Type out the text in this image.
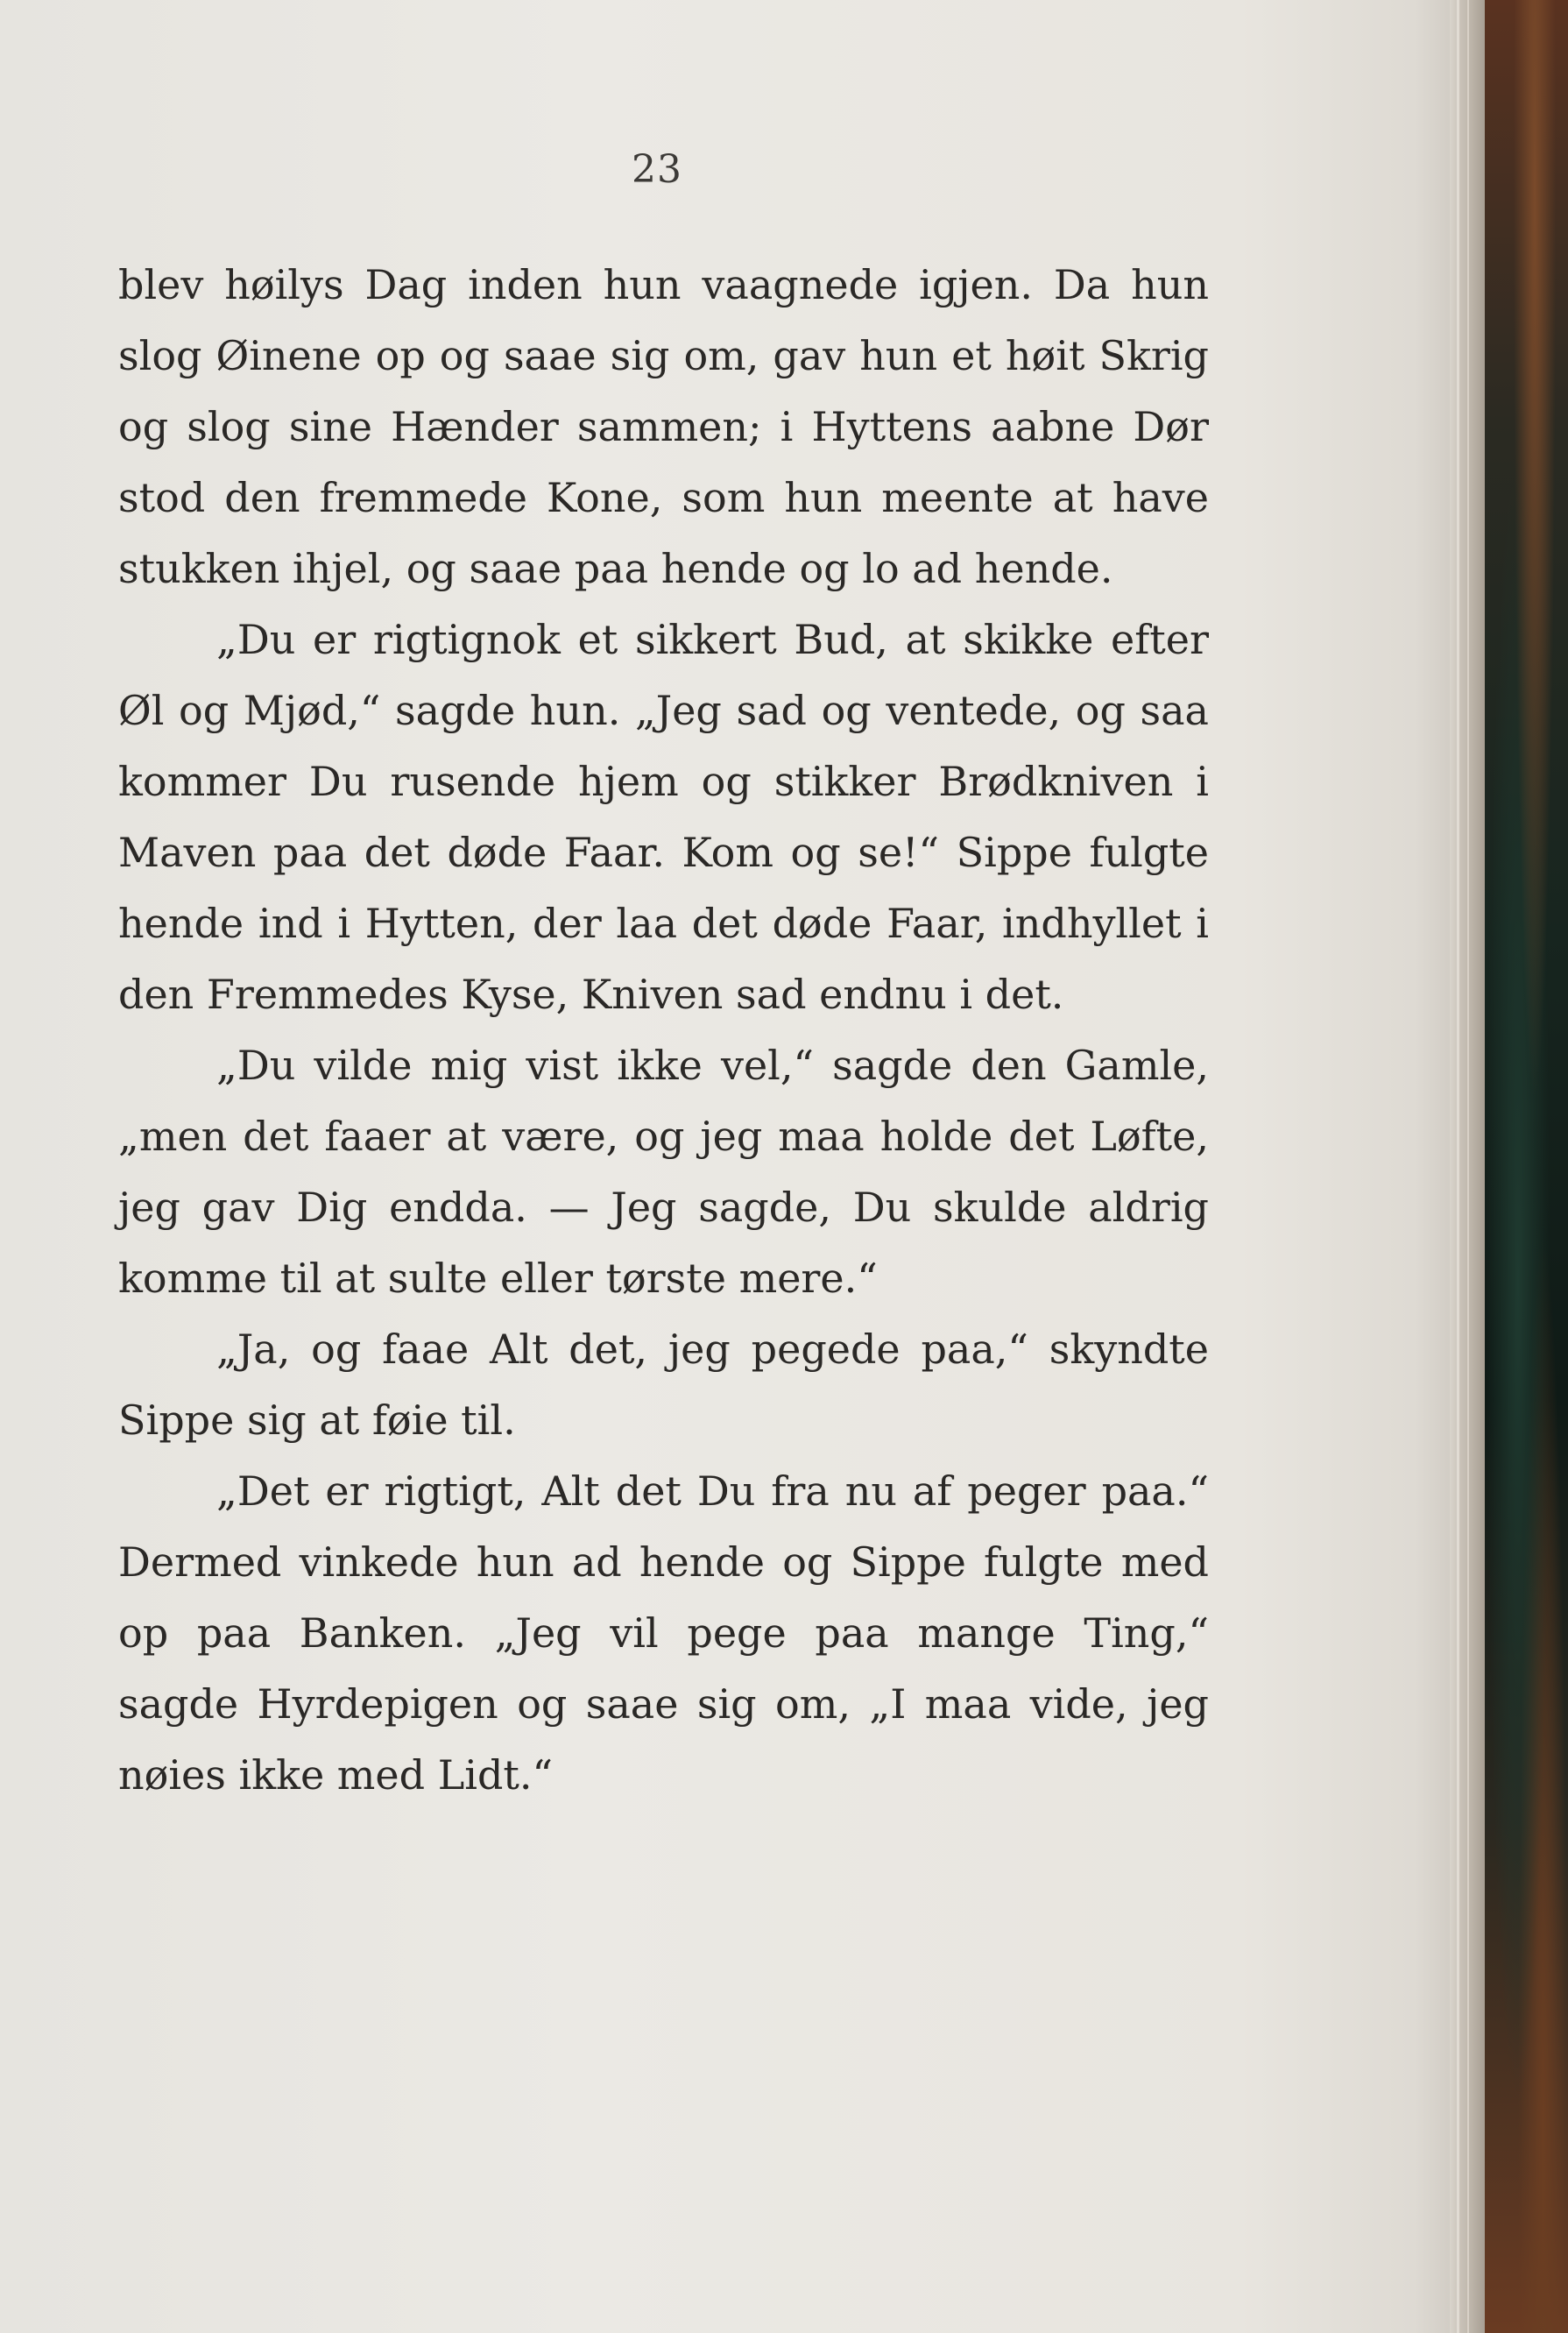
23

blev høilys Dag inden hun vaagnede igjen. Da hun slog Øinene op og saae sig om, gav hun et høit Skrig og slog sine Hænder sammen; i Hyttens aabne Dør stod den fremmede Kone, som hun meente at have stukken ihjel, og saae paa hende og lo ad hende.

„Du er rigtignok et sikkert Bud, at skikke efter Øl og Mjød,“ sagde hun. „Jeg sad og ventede, og saa kommer Du rusende hjem og stikker Brødkniven i Maven paa det døde Faar. Kom og se!“ Sippe fulgte hende ind i Hytten, der laa det døde Faar, indhyllet i den Fremmedes Kyse, Kniven sad endnu i det.

„Du vilde mig vist ikke vel,“ sagde den Gamle, „men det faaer at være, og jeg maa holde det Løfte, jeg gav Dig endda. — Jeg sagde, Du skulde aldrig komme til at sulte eller tørste mere.“

„Ja, og faae Alt det, jeg pegede paa,“ skyndte Sippe sig at føie til.

„Det er rigtigt, Alt det Du fra nu af peger paa.“ Dermed vinkede hun ad hende og Sippe fulgte med op paa Banken. „Jeg vil pege paa mange Ting,“ sagde Hyrdepigen og saae sig om, „I maa vide, jeg nøies ikke med Lidt.“
